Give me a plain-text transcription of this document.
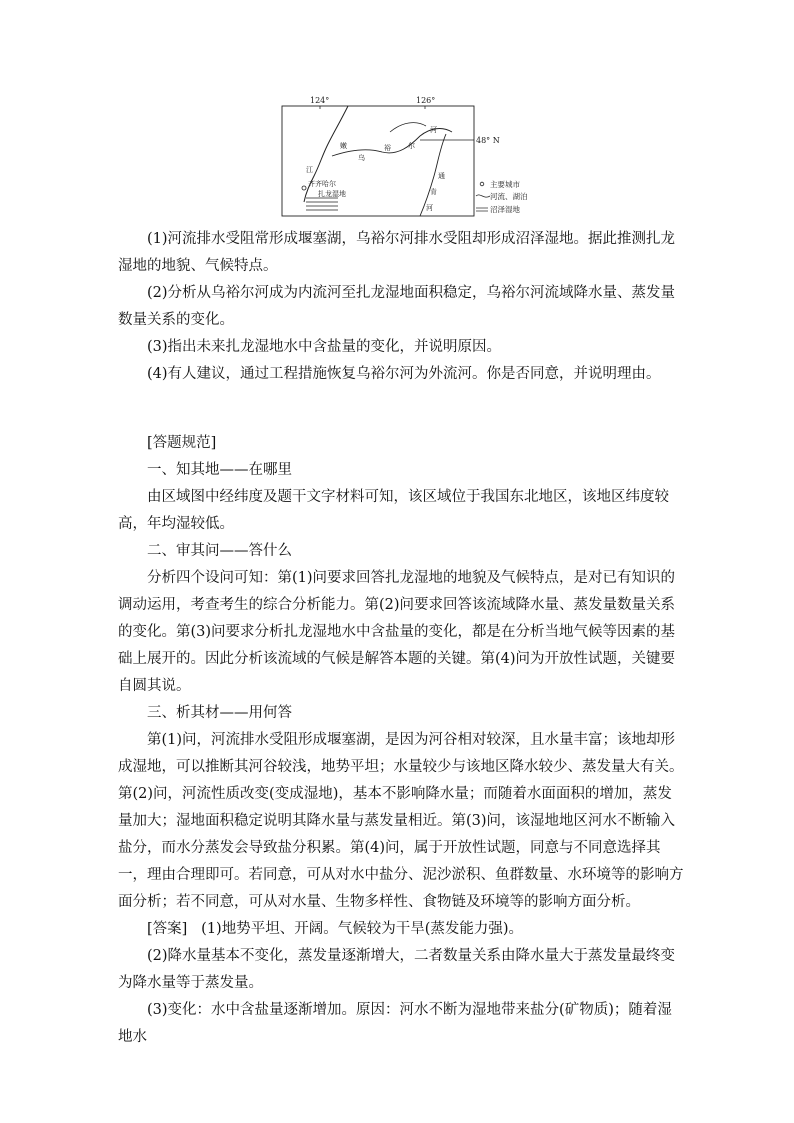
124°	126°
48° N
嫩
江
乌
裕 尔
河
通
肯
河
齐齐哈尔
扎龙湿地
主要城市
河流、湖泊
沼泽湿地

(1)河流排水受阻常形成堰塞湖，乌裕尔河排水受阻却形成沼泽湿地。据此推测扎龙湿地的地貌、气候特点。

(2)分析从乌裕尔河成为内流河至扎龙湿地面积稳定，乌裕尔河流域降水量、蒸发量数量关系的变化。

(3)指出未来扎龙湿地水中含盐量的变化，并说明原因。

(4)有人建议，通过工程措施恢复乌裕尔河为外流河。你是否同意，并说明理由。

[答题规范]

一、知其地——在哪里

由区域图中经纬度及题干文字材料可知，该区域位于我国东北地区，该地区纬度较高，年均湿较低。

二、审其问——答什么

分析四个设问可知：第(1)问要求回答扎龙湿地的地貌及气候特点，是对已有知识的调动运用，考查考生的综合分析能力。第(2)问要求回答该流域降水量、蒸发量数量关系的变化。第(3)问要求分析扎龙湿地水中含盐量的变化，都是在分析当地气候等因素的基础上展开的。因此分析该流域的气候是解答本题的关键。第(4)问为开放性试题，关键要自圆其说。

三、析其材——用何答

第(1)问，河流排水受阻形成堰塞湖，是因为河谷相对较深，且水量丰富；该地却形成湿地，可以推断其河谷较浅，地势平坦；水量较少与该地区降水较少、蒸发量大有关。第(2)问，河流性质改变(变成湿地)，基本不影响降水量；而随着水面面积的增加，蒸发量加大；湿地面积稳定说明其降水量与蒸发量相近。第(3)问，该湿地地区河水不断输入盐分，而水分蒸发会导致盐分积累。第(4)问，属于开放性试题，同意与不同意选择其一，理由合理即可。若同意，可从对水中盐分、泥沙淤积、鱼群数量、水环境等的影响方面分析；若不同意，可从对水量、生物多样性、食物链及环境等的影响方面分析。

[答案] (1)地势平坦、开阔。气候较为干旱(蒸发能力强)。

(2)降水量基本不变化，蒸发量逐渐增大，二者数量关系由降水量大于蒸发量最终变为降水量等于蒸发量。

(3)变化：水中含盐量逐渐增加。原因：河水不断为湿地带来盐分(矿物质)；随着湿地水
